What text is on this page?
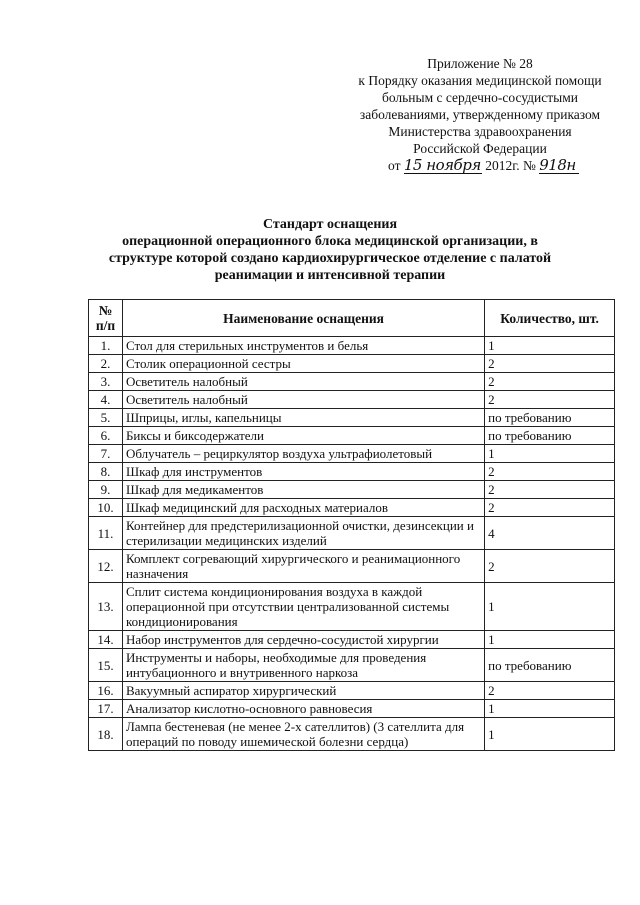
Приложение № 28
к Порядку оказания медицинской помощи
больным с сердечно-сосудистыми
заболеваниями, утвержденному приказом
Министерства здравоохранения
Российской Федерации
от 15 ноября 2012г. № 918н
Стандарт оснащения
операционной операционного блока медицинской организации, в
структуре которой создано кардиохирургическое отделение с палатой
реанимации и интенсивной терапии
№ п/п	Наименование оснащения	Количество, шт.
1.	Стол для стерильных инструментов и белья	1
2.	Столик операционной сестры	2
3.	Осветитель налобный	2
4.	Осветитель налобный	2
5.	Шприцы, иглы, капельницы	по требованию
6.	Биксы и биксодержатели	по требованию
7.	Облучатель – рециркулятор воздуха ультрафиолетовый	1
8.	Шкаф для инструментов	2
9.	Шкаф для медикаментов	2
10.	Шкаф медицинский для расходных материалов	2
11.	Контейнер для предстерилизационной очистки, дезинсекции и стерилизации медицинских изделий	4
12.	Комплект согревающий хирургического и реанимационного назначения	2
13.	Сплит система кондиционирования воздуха в каждой операционной при отсутствии централизованной системы кондиционирования	1
14.	Набор инструментов для сердечно-сосудистой хирургии	1
15.	Инструменты и наборы, необходимые для проведения интубационного и внутривенного наркоза	по требованию
16.	Вакуумный аспиратор хирургический	2
17.	Анализатор кислотно-основного равновесия	1
18.	Лампа бестеневая (не менее 2-х сателлитов) (3 сателлита для операций по поводу ишемической болезни сердца)	1
